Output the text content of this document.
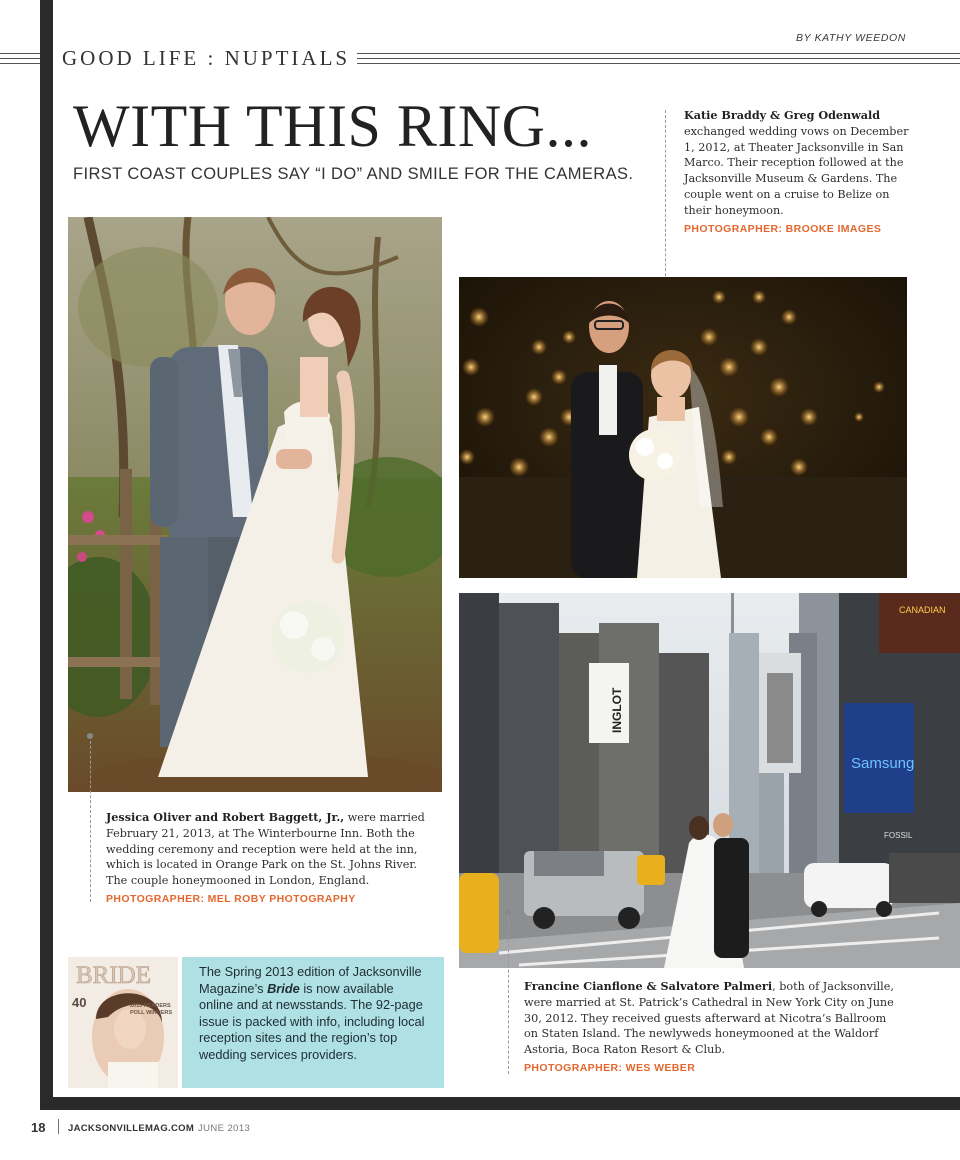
BY KATHY WEEDON
GOOD LIFE : NUPTIALS
WITH THIS RING...
FIRST COAST COUPLES SAY “I DO” AND SMILE FOR THE CAMERAS.
Katie Braddy & Greg Odenwald exchanged wedding vows on December 1, 2012, at Theater Jacksonville in San Marco. Their reception followed at the Jacksonville Museum & Gardens. The couple went on a cruise to Belize on their honeymoon.
PHOTOGRAPHER: BROOKE IMAGES
CANADIAN
Samsung
FOSSIL
INGLOT
Jessica Oliver and Robert Baggett, Jr., were married February 21, 2013, at The Winterbourne Inn. Both the wedding ceremony and reception were held at the inn, which is located in Orange Park on the St. Johns River. The couple honeymooned in London, England.
PHOTOGRAPHER: MEL ROBY PHOTOGRAPHY
Francine Cianflone & Salvatore Palmeri, both of Jacksonville, were married at St. Patrick’s Cathedral in New York City on June 30, 2012. They received guests afterward at Nicotra’s Ballroom on Staten Island. The newlyweds honeymooned at the Waldorf Astoria, Boca Raton Resort & Club.
PHOTOGRAPHER: WES WEBER
BRIDE
40	2013 READERS
POLL WINNERS
The Spring 2013 edition of Jacksonville Magazine’s Bride is now available online and at newsstands. The 92-page issue is packed with info, including local reception sites and the region’s top wedding services providers.
18 JACKSONVILLEMAG.COM JUNE 2013
